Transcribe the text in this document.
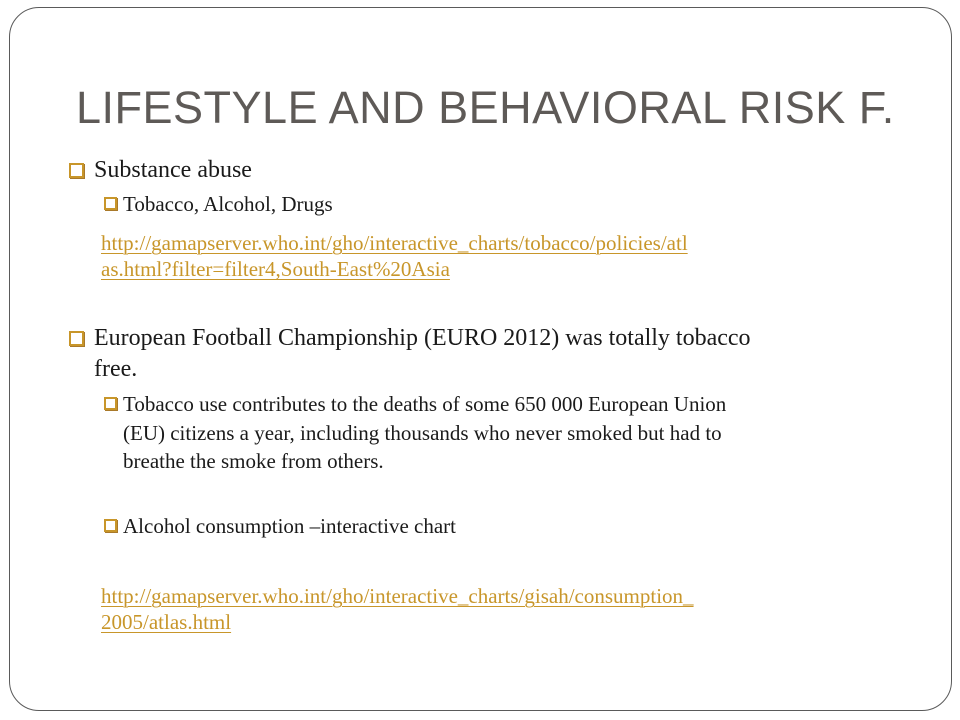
LIFESTYLE AND BEHAVIORAL RISK F.
Substance abuse
Tobacco, Alcohol, Drugs
http://gamapserver.who.int/gho/interactive_charts/tobacco/policies/atl
as.html?filter=filter4,South-East%20Asia
European Football Championship (EURO 2012) was totally tobacco
free.
Tobacco use contributes to the deaths of some 650 000 European Union
(EU) citizens a year, including thousands who never smoked but had to
breathe the smoke from others.
Alcohol consumption –interactive chart
http://gamapserver.who.int/gho/interactive_charts/gisah/consumption_
2005/atlas.html
